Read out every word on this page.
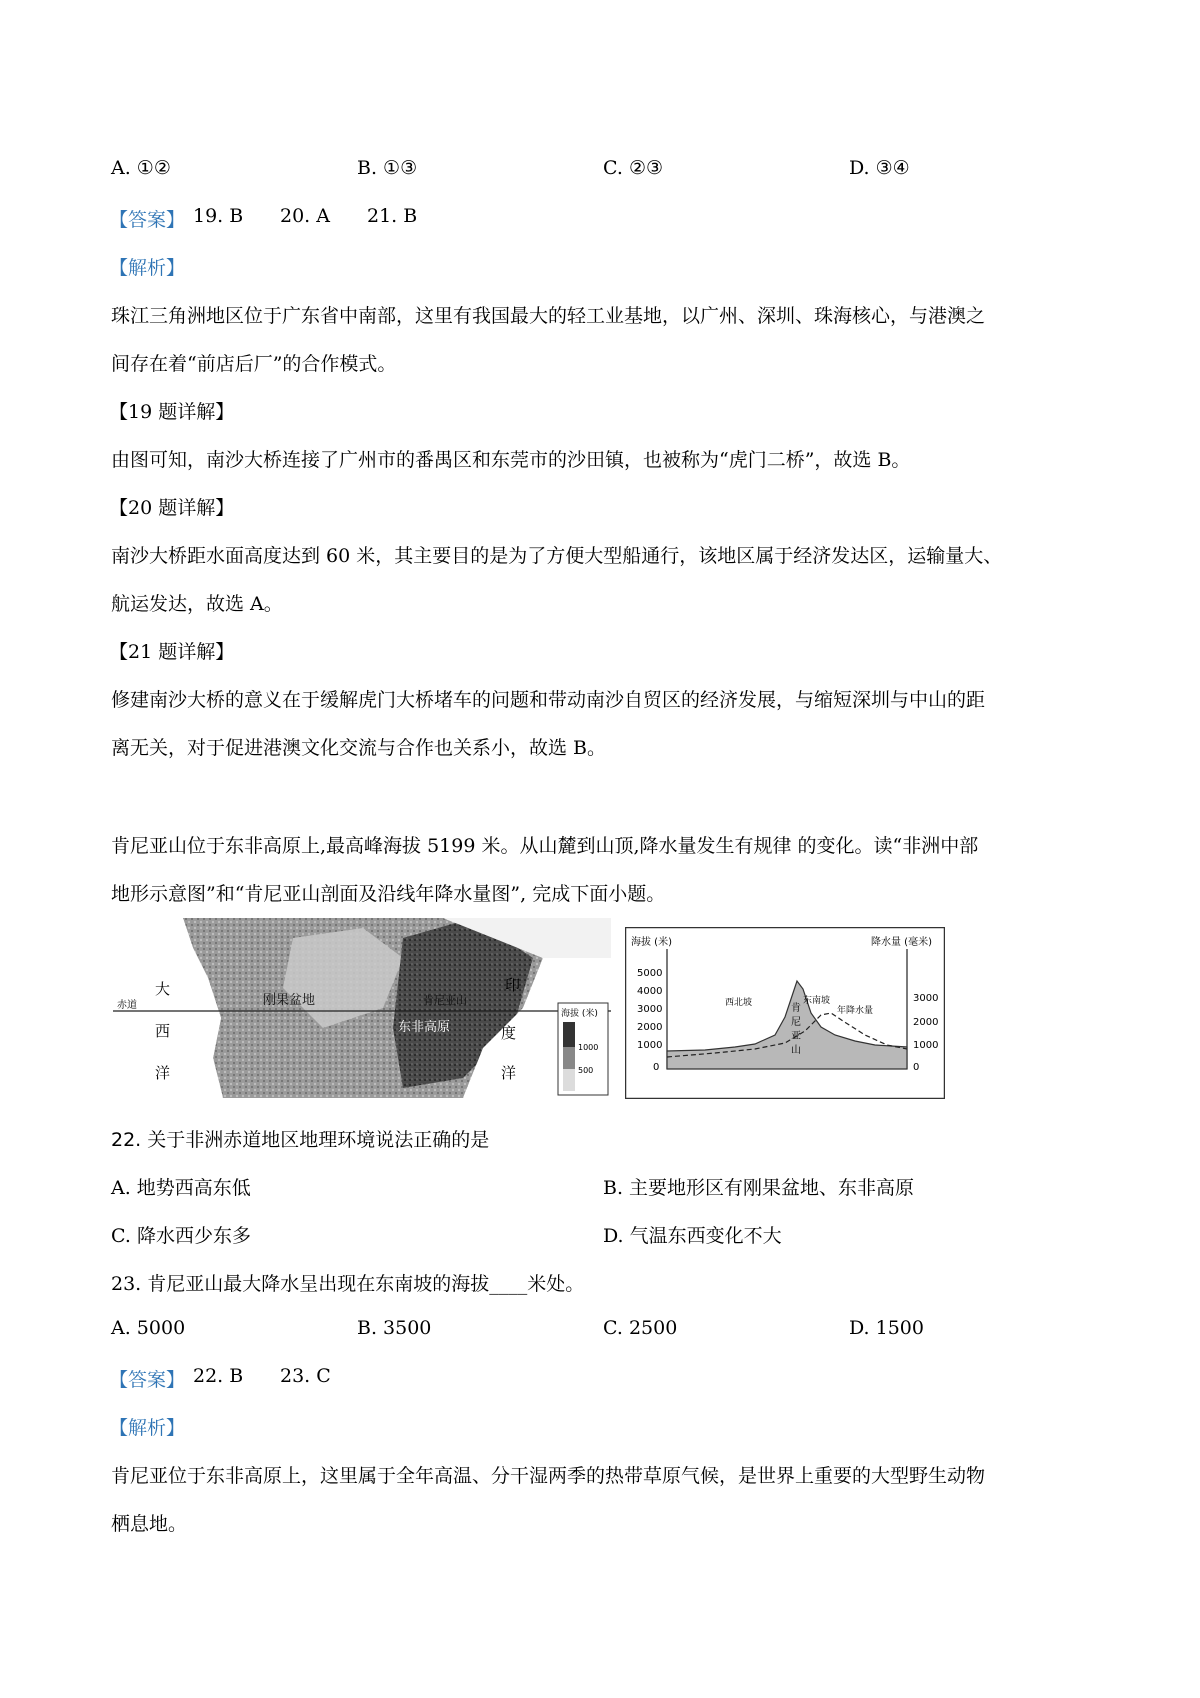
A. ①②	B. ①③	C. ②③	D. ③④
【答案】 19. B 20. A 21. B
【解析】
珠江三角洲地区位于广东省中南部，这里有我国最大的轻工业基地，以广州、深圳、珠海核心，与港澳之
间存在着“前店后厂”的合作模式。
【19 题详解】
由图可知，南沙大桥连接了广州市的番禺区和东莞市的沙田镇，也被称为“虎门二桥”，故选 B。
【20 题详解】
南沙大桥距水面高度达到 60 米，其主要目的是为了方便大型船通行，该地区属于经济发达区，运输量大、
航运发达，故选 A。
【21 题详解】
修建南沙大桥的意义在于缓解虎门大桥堵车的问题和带动南沙自贸区的经济发展，与缩短深圳与中山的距
离无关，对于促进港澳文化交流与合作也关系小，故选 B。
肯尼亚山位于东非高原上,最高峰海拔 5199 米。从山麓到山顶,降水量发生有规律 的变化。读“非洲中部
地形示意图”和“肯尼亚山剖面及沿线年降水量图”, 完成下面小题。
赤道
大
西
洋
刚果盆地	肯尼亚山
东非高原
印
度
洋
海拔 (米)
1000
500
海拔 (米)	降水量 (毫米)
5000
4000
3000
2000
1000
0
3000
2000
1000
0
西北坡	东南坡
年降水量
肯
尼
亚
山
22. 关于非洲赤道地区地理环境说法正确的是
A. 地势西高东低	B. 主要地形区有刚果盆地、东非高原
C. 降水西少东多	D. 气温东西变化不大
23. 肯尼亚山最大降水呈出现在东南坡的海拔____米处。
A. 5000	B. 3500	C. 2500	D. 1500
【答案】 22. B 23. C
【解析】
肯尼亚位于东非高原上，这里属于全年高温、分干湿两季的热带草原气候，是世界上重要的大型野生动物
栖息地。
